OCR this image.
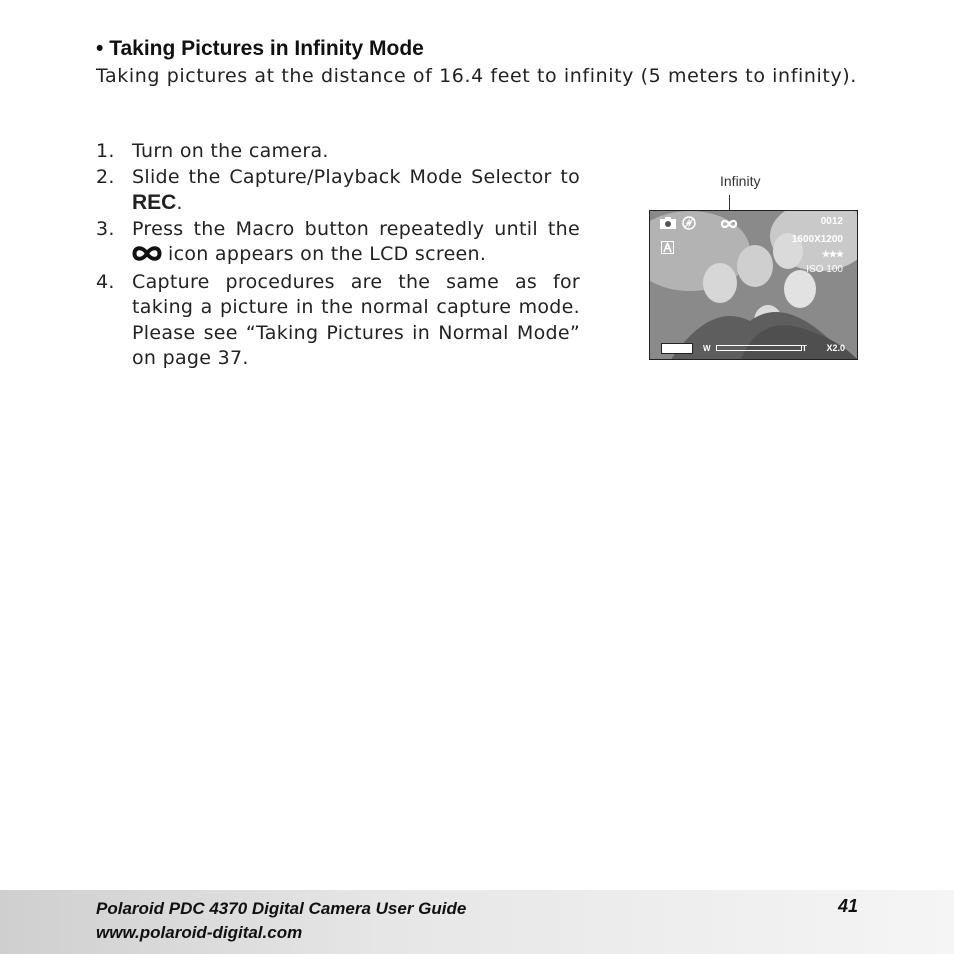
• Taking Pictures in Infinity Mode

Taking pictures at the distance of 16.4 feet to infinity (5 meters to infinity).

1. Turn on the camera.
2. Slide the Capture/Playback Mode Selector to REC.
3. Press the Macro button repeatedly until the icon appears on the LCD screen.
4. Capture procedures are the same as for taking a picture in the normal capture mode. Please see “Taking Pictures in Normal Mode” on page 37.
Infinity
0012
1600X1200
★★★
ISO 100
W	T X2.0
Polaroid PDC 4370 Digital Camera User Guide
www.polaroid-digital.com
41
